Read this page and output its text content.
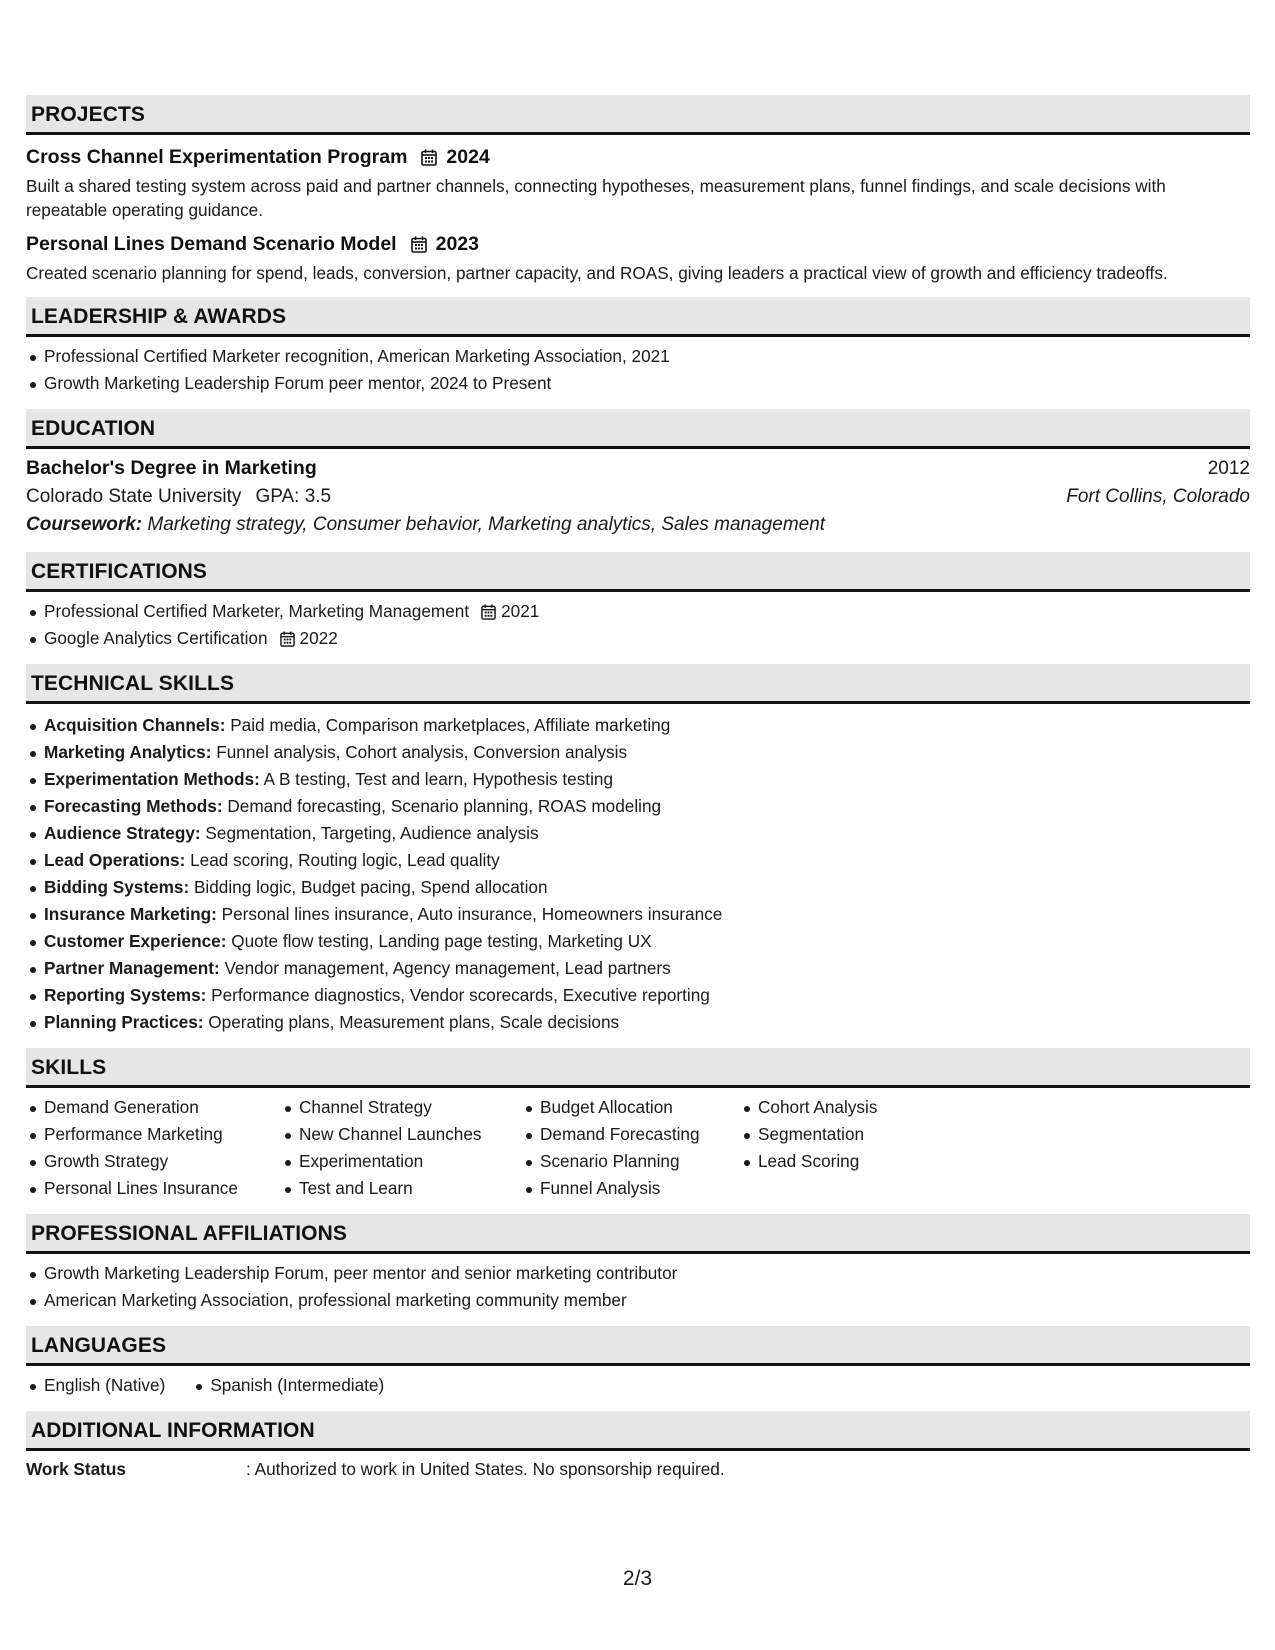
PROJECTS
Cross Channel Experimentation Program 2024
Built a shared testing system across paid and partner channels, connecting hypotheses, measurement plans, funnel findings, and scale decisions with repeatable operating guidance.
Personal Lines Demand Scenario Model 2023
Created scenario planning for spend, leads, conversion, partner capacity, and ROAS, giving leaders a practical view of growth and efficiency tradeoffs.
LEADERSHIP & AWARDS
Professional Certified Marketer recognition, American Marketing Association, 2021
Growth Marketing Leadership Forum peer mentor, 2024 to Present
EDUCATION
Bachelor's Degree in Marketing	2012
Colorado State University GPA: 3.5	Fort Collins, Colorado
Coursework: Marketing strategy, Consumer behavior, Marketing analytics, Sales management
CERTIFICATIONS
Professional Certified Marketer, Marketing Management 2021
Google Analytics Certification 2022
TECHNICAL SKILLS
Acquisition Channels: Paid media, Comparison marketplaces, Affiliate marketing
Marketing Analytics: Funnel analysis, Cohort analysis, Conversion analysis
Experimentation Methods: A B testing, Test and learn, Hypothesis testing
Forecasting Methods: Demand forecasting, Scenario planning, ROAS modeling
Audience Strategy: Segmentation, Targeting, Audience analysis
Lead Operations: Lead scoring, Routing logic, Lead quality
Bidding Systems: Bidding logic, Budget pacing, Spend allocation
Insurance Marketing: Personal lines insurance, Auto insurance, Homeowners insurance
Customer Experience: Quote flow testing, Landing page testing, Marketing UX
Partner Management: Vendor management, Agency management, Lead partners
Reporting Systems: Performance diagnostics, Vendor scorecards, Executive reporting
Planning Practices: Operating plans, Measurement plans, Scale decisions
SKILLS
Demand Generation
Performance Marketing
Growth Strategy
Personal Lines Insurance
Channel Strategy
New Channel Launches
Experimentation
Test and Learn
Budget Allocation
Demand Forecasting
Scenario Planning
Funnel Analysis
Cohort Analysis
Segmentation
Lead Scoring
PROFESSIONAL AFFILIATIONS
Growth Marketing Leadership Forum, peer mentor and senior marketing contributor
American Marketing Association, professional marketing community member
LANGUAGES
English (Native)	Spanish (Intermediate)
ADDITIONAL INFORMATION
Work Status	: Authorized to work in United States. No sponsorship required.
2/3
